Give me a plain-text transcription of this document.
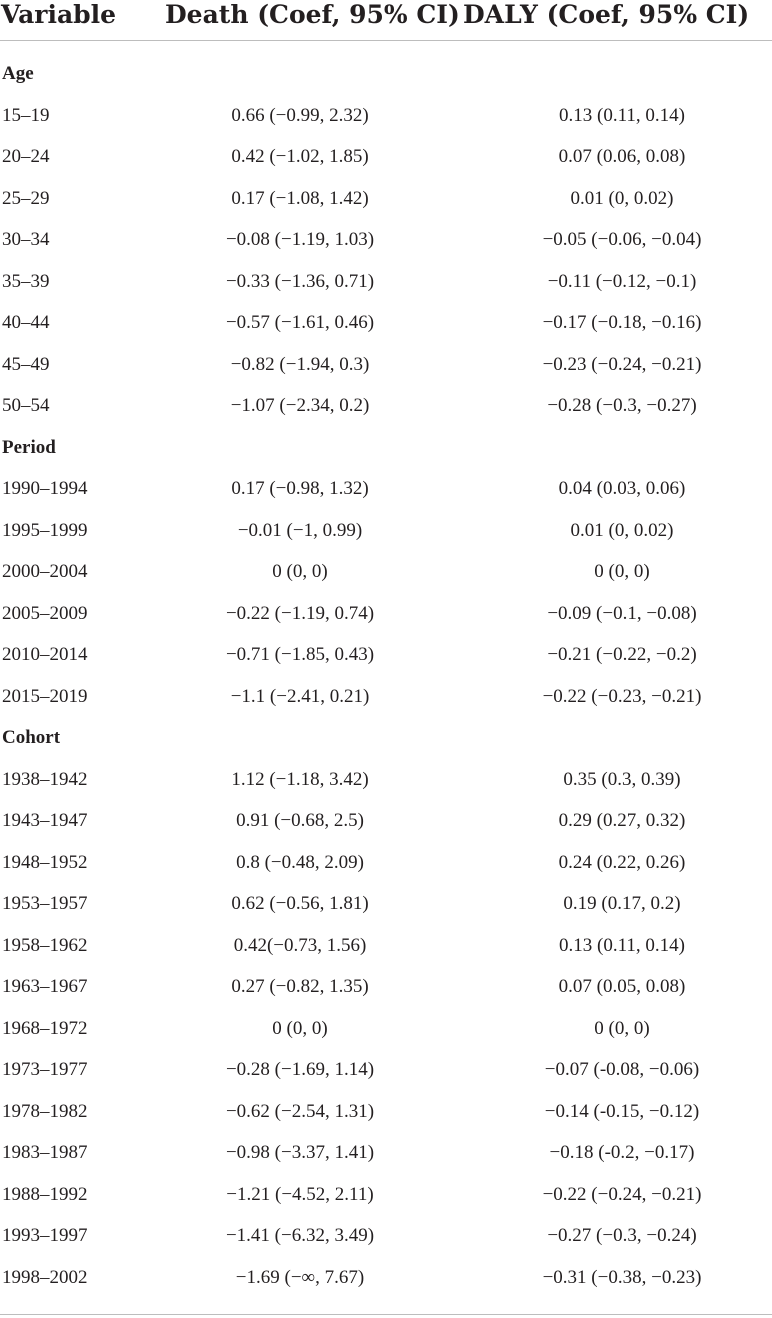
Variable Death (Coef, 95% CI) DALY (Coef, 95% CI)
Age
15–19	0.66 (−0.99, 2.32)	0.13 (0.11, 0.14)
20–24	0.42 (−1.02, 1.85)	0.07 (0.06, 0.08)
25–29	0.17 (−1.08, 1.42)	0.01 (0, 0.02)
30–34	−0.08 (−1.19, 1.03)	−0.05 (−0.06, −0.04)
35–39	−0.33 (−1.36, 0.71)	−0.11 (−0.12, −0.1)
40–44	−0.57 (−1.61, 0.46)	−0.17 (−0.18, −0.16)
45–49	−0.82 (−1.94, 0.3)	−0.23 (−0.24, −0.21)
50–54	−1.07 (−2.34, 0.2)	−0.28 (−0.3, −0.27)
Period
1990–1994	0.17 (−0.98, 1.32)	0.04 (0.03, 0.06)
1995–1999	−0.01 (−1, 0.99)	0.01 (0, 0.02)
2000–2004	0 (0, 0)	0 (0, 0)
2005–2009	−0.22 (−1.19, 0.74)	−0.09 (−0.1, −0.08)
2010–2014	−0.71 (−1.85, 0.43)	−0.21 (−0.22, −0.2)
2015–2019	−1.1 (−2.41, 0.21)	−0.22 (−0.23, −0.21)
Cohort
1938–1942	1.12 (−1.18, 3.42)	0.35 (0.3, 0.39)
1943–1947	0.91 (−0.68, 2.5)	0.29 (0.27, 0.32)
1948–1952	0.8 (−0.48, 2.09)	0.24 (0.22, 0.26)
1953–1957	0.62 (−0.56, 1.81)	0.19 (0.17, 0.2)
1958–1962	0.42(−0.73, 1.56)	0.13 (0.11, 0.14)
1963–1967	0.27 (−0.82, 1.35)	0.07 (0.05, 0.08)
1968–1972	0 (0, 0)	0 (0, 0)
1973–1977	−0.28 (−1.69, 1.14)	−0.07 (-0.08, −0.06)
1978–1982	−0.62 (−2.54, 1.31)	−0.14 (-0.15, −0.12)
1983–1987	−0.98 (−3.37, 1.41)	−0.18 (-0.2, −0.17)
1988–1992	−1.21 (−4.52, 2.11)	−0.22 (−0.24, −0.21)
1993–1997	−1.41 (−6.32, 3.49)	−0.27 (−0.3, −0.24)
1998–2002	−1.69 (−∞, 7.67)	−0.31 (−0.38, −0.23)
